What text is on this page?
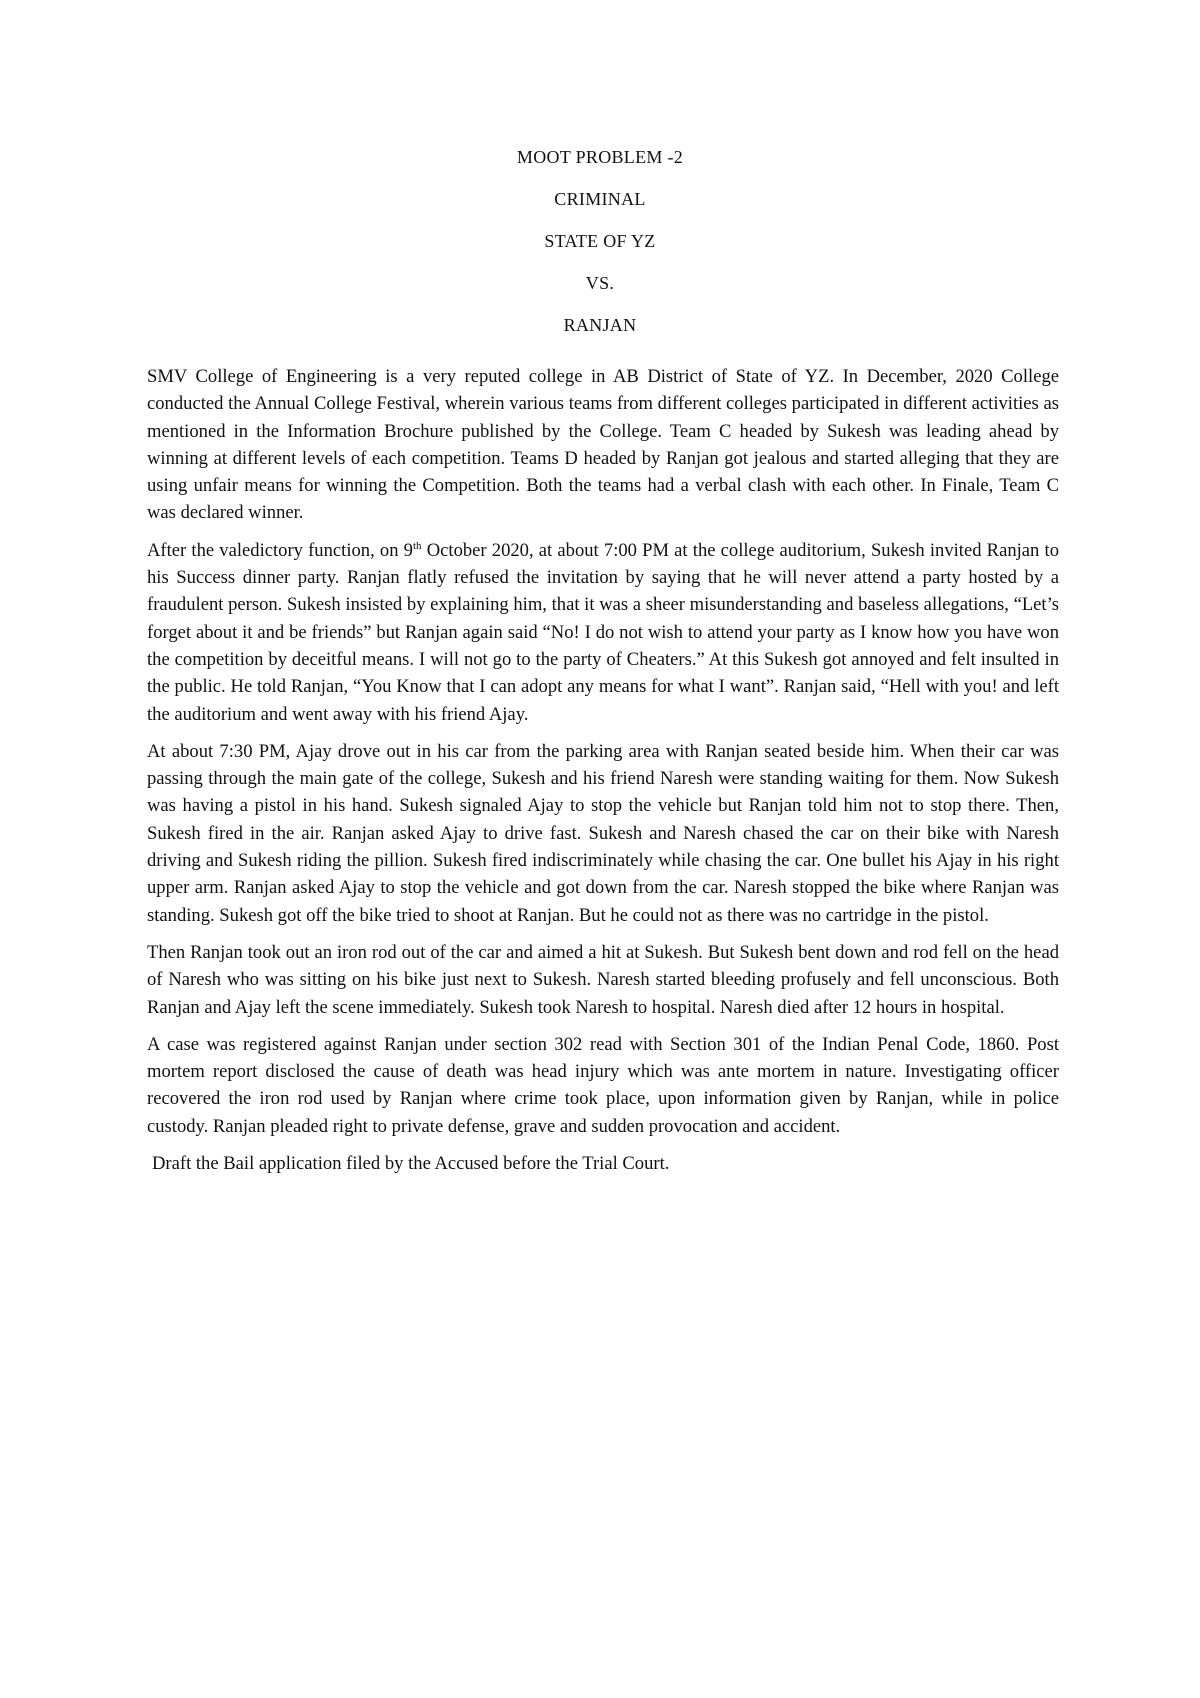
MOOT PROBLEM -2

CRIMINAL

STATE OF YZ

VS.

RANJAN

SMV College of Engineering is a very reputed college in AB District of State of YZ. In December, 2020 College conducted the Annual College Festival, wherein various teams from different colleges participated in different activities as mentioned in the Information Brochure published by the College. Team C headed by Sukesh was leading ahead by winning at different levels of each competition. Teams D headed by Ranjan got jealous and started alleging that they are using unfair means for winning the Competition. Both the teams had a verbal clash with each other. In Finale, Team C was declared winner.

After the valedictory function, on 9th October 2020, at about 7:00 PM at the college auditorium, Sukesh invited Ranjan to his Success dinner party. Ranjan flatly refused the invitation by saying that he will never attend a party hosted by a fraudulent person. Sukesh insisted by explaining him, that it was a sheer misunderstanding and baseless allegations, “Let’s forget about it and be friends” but Ranjan again said “No! I do not wish to attend your party as I know how you have won the competition by deceitful means. I will not go to the party of Cheaters.” At this Sukesh got annoyed and felt insulted in the public. He told Ranjan, “You Know that I can adopt any means for what I want”. Ranjan said, “Hell with you! and left the auditorium and went away with his friend Ajay.

At about 7:30 PM, Ajay drove out in his car from the parking area with Ranjan seated beside him. When their car was passing through the main gate of the college, Sukesh and his friend Naresh were standing waiting for them. Now Sukesh was having a pistol in his hand. Sukesh signaled Ajay to stop the vehicle but Ranjan told him not to stop there. Then, Sukesh fired in the air. Ranjan asked Ajay to drive fast. Sukesh and Naresh chased the car on their bike with Naresh driving and Sukesh riding the pillion. Sukesh fired indiscriminately while chasing the car. One bullet his Ajay in his right upper arm. Ranjan asked Ajay to stop the vehicle and got down from the car. Naresh stopped the bike where Ranjan was standing. Sukesh got off the bike tried to shoot at Ranjan. But he could not as there was no cartridge in the pistol.

Then Ranjan took out an iron rod out of the car and aimed a hit at Sukesh. But Sukesh bent down and rod fell on the head of Naresh who was sitting on his bike just next to Sukesh. Naresh started bleeding profusely and fell unconscious. Both Ranjan and Ajay left the scene immediately. Sukesh took Naresh to hospital. Naresh died after 12 hours in hospital.

A case was registered against Ranjan under section 302 read with Section 301 of the Indian Penal Code, 1860. Post mortem report disclosed the cause of death was head injury which was ante mortem in nature. Investigating officer recovered the iron rod used by Ranjan where crime took place, upon information given by Ranjan, while in police custody. Ranjan pleaded right to private defense, grave and sudden provocation and accident.

Draft the Bail application filed by the Accused before the Trial Court.
